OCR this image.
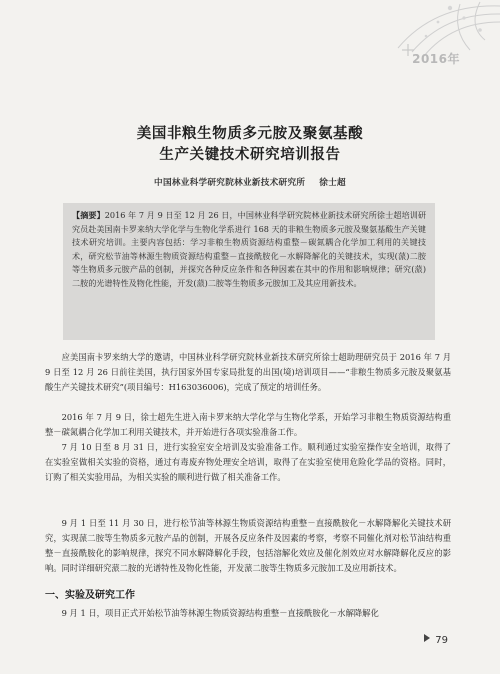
2016年
美国非粮生物质多元胺及聚氨基酸
生产关键技术研究培训报告
中国林业科学研究院林业新技术研究所 徐士超
【摘要】2016 年 7 月 9 日至 12 月 26 日，中国林业科学研究院林业新技术研究所徐士超培训研究员赴美国南卡罗来纳大学化学与生物化学系进行 168 天的非粮生物质多元胺及聚氨基酸生产关键技术研究培训。主要内容包括：学习非粮生物质资源结构重整－碳氮耦合化学加工利用的关键技术，研究松节油等林源生物质资源结构重整－直接酰胺化－水解降解化的关键技术，实现(蒎)二胺等生物质多元胺产品的创制，并探究各种反应条件和各种因素在其中的作用和影响规律；研究(蒎)二胺的光谱特性及物化性能，开发(蒎)二胺等生物质多元胺加工及其应用新技术。

应美国南卡罗来纳大学的邀请，中国林业科学研究院林业新技术研究所徐士超助理研究员于 2016 年 7 月 9 日至 12 月 26 日前往美国，执行国家外国专家局批复的出国(境)培训项目——“非粮生物质多元胺及聚氨基酸生产关键技术研究”(项目编号：H163036006)，完成了预定的培训任务。

2016 年 7 月 9 日，徐士超先生进入南卡罗来纳大学化学与生物化学系，开始学习非粮生物质资源结构重整－碳氮耦合化学加工利用关键技术，并开始进行各项实验准备工作。

7 月 10 日至 8 月 31 日，进行实验室安全培训及实验准备工作。顺利通过实验室操作安全培训，取得了在实验室做相关实验的资格，通过有毒废弃物处理安全培训，取得了在实验室使用危险化学品的资格。同时，订购了相关实验用品，为相关实验的顺利进行做了相关准备工作。

9 月 1 日至 11 月 30 日，进行松节油等林源生物质资源结构重整－直接酰胺化－水解降解化关键技术研究，实现蒎二胺等生物质多元胺产品的创制，开展各反应条件及因素的考察，考察不同催化剂对松节油结构重整－直接酰胺化的影响规律，探究不同水解降解化手段，包括溶解化效应及催化剂效应对水解降解化反应的影响。同时详细研究蒎二胺的光谱特性及物化性能，开发蒎二胺等生物质多元胺加工及应用新技术。

一、实验及研究工作

9 月 1 日，项目正式开始松节油等林源生物质资源结构重整－直接酰胺化－水解降解化

79
